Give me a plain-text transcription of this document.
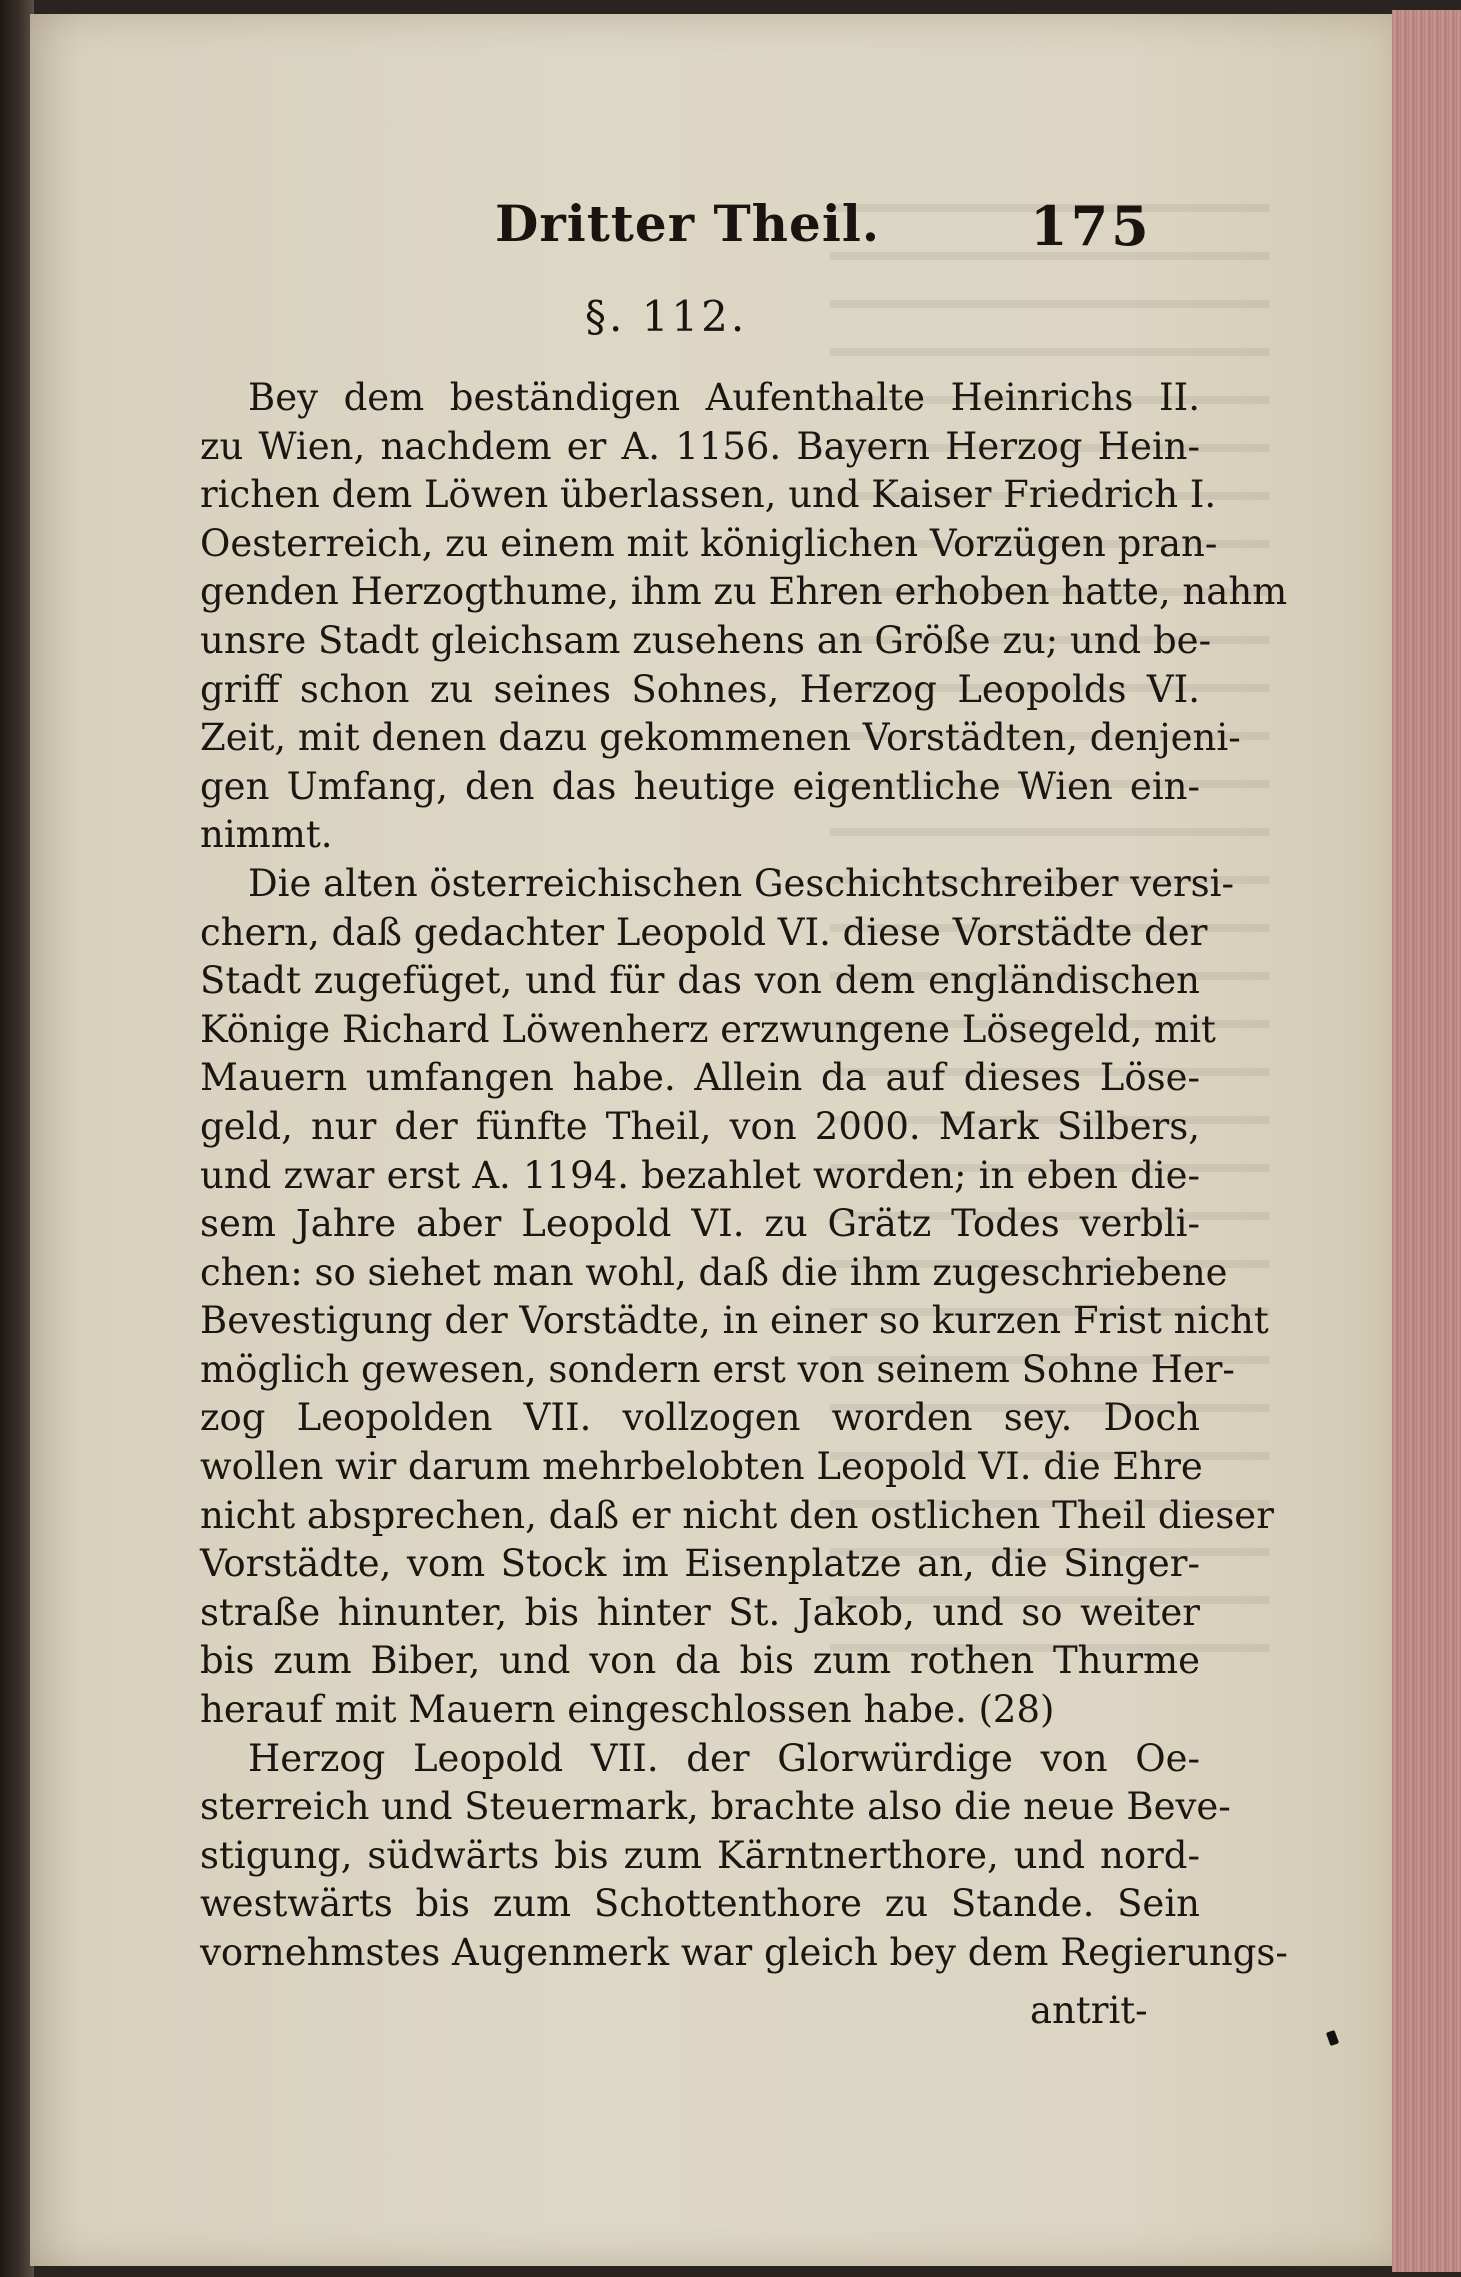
Dritter Theil.	175
§. 112.
Bey dem beständigen Aufenthalte Heinrichs II.
zu Wien, nachdem er A. 1156. Bayern Herzog Hein-
richen dem Löwen überlassen, und Kaiser Friedrich I.
Oesterreich, zu einem mit königlichen Vorzügen pran-
genden Herzogthume, ihm zu Ehren erhoben hatte, nahm
unsre Stadt gleichsam zusehens an Größe zu; und be-
griff schon zu seines Sohnes, Herzog Leopolds VI.
Zeit, mit denen dazu gekommenen Vorstädten, denjeni-
gen Umfang, den das heutige eigentliche Wien ein-
nimmt.
Die alten österreichischen Geschichtschreiber versi-
chern, daß gedachter Leopold VI. diese Vorstädte der
Stadt zugefüget, und für das von dem engländischen
Könige Richard Löwenherz erzwungene Lösegeld, mit
Mauern umfangen habe. Allein da auf dieses Löse-
geld, nur der fünfte Theil, von 2000. Mark Silbers,
und zwar erst A. 1194. bezahlet worden; in eben die-
sem Jahre aber Leopold VI. zu Grätz Todes verbli-
chen: so siehet man wohl, daß die ihm zugeschriebene
Bevestigung der Vorstädte, in einer so kurzen Frist nicht
möglich gewesen, sondern erst von seinem Sohne Her-
zog Leopolden VII. vollzogen worden sey. Doch
wollen wir darum mehrbelobten Leopold VI. die Ehre
nicht absprechen, daß er nicht den ostlichen Theil dieser
Vorstädte, vom Stock im Eisenplatze an, die Singer-
straße hinunter, bis hinter St. Jakob, und so weiter
bis zum Biber, und von da bis zum rothen Thurme
herauf mit Mauern eingeschlossen habe. (28)
Herzog Leopold VII. der Glorwürdige von Oe-
sterreich und Steuermark, brachte also die neue Beve-
stigung, südwärts bis zum Kärntnerthore, und nord-
westwärts bis zum Schottenthore zu Stande. Sein
vornehmstes Augenmerk war gleich bey dem Regierungs-
antrit-
